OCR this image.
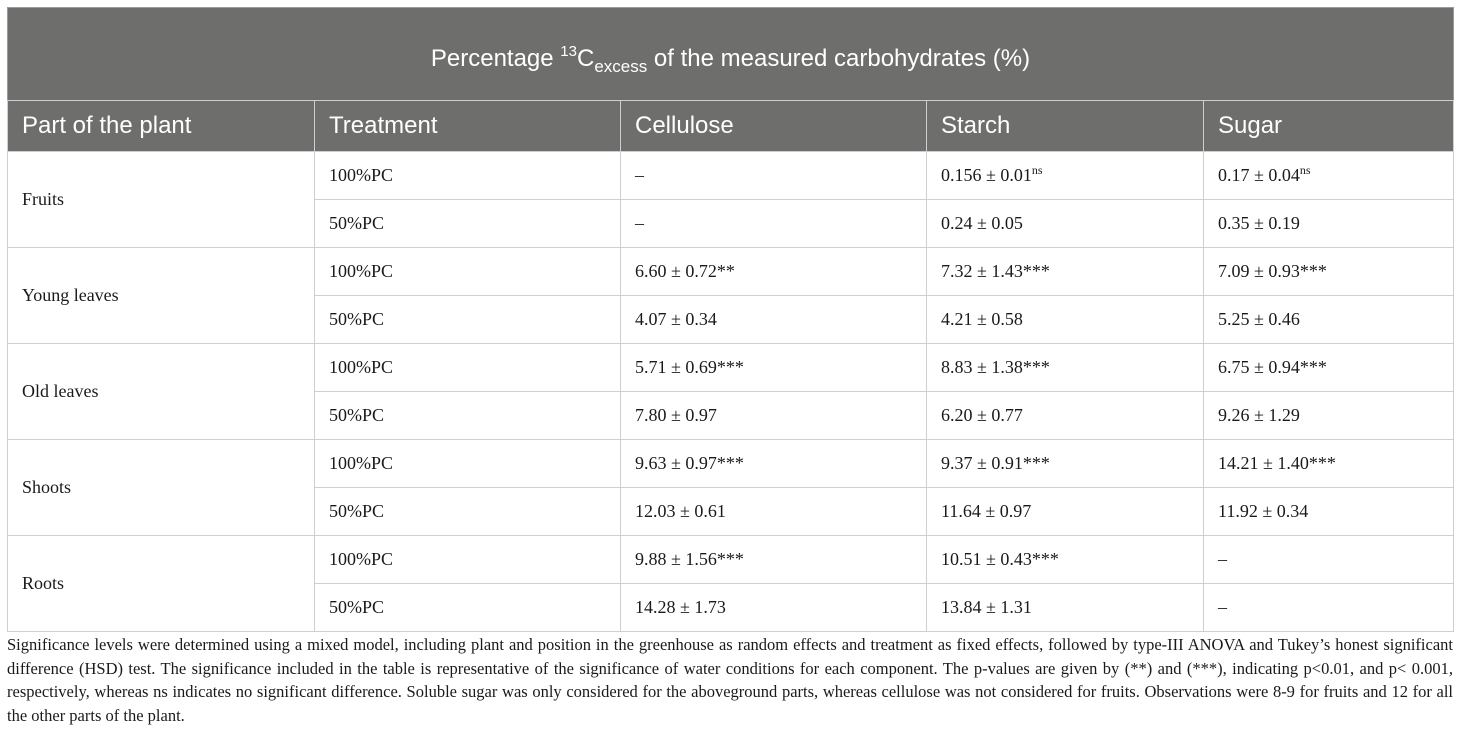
Percentage $^{13}C_{excess}$ of the measured carbohydrates (%)				
Part of the plant	Treatment	Cellulose	Starch	Sugar
Fruits	100%PC	–	$0.156 \pm 0.01^{ns}$	$0.17 \pm 0.04^{ns}$
	50%PC	–	0.24 ± 0.05	0.35 ± 0.19
Young leaves	100%PC	6.60 ± 0.72**	7.32 ± 1.43***	7.09 ± 0.93***
	50%PC	4.07 ± 0.34	4.21 ± 0.58	5.25 ± 0.46
Old leaves	100%PC	5.71 ± 0.69***	8.83 ± 1.38***	6.75 ± 0.94***
	50%PC	7.80 ± 0.97	6.20 ± 0.77	9.26 ± 1.29
Shoots	100%PC	9.63 ± 0.97***	9.37 ± 0.91***	14.21 ± 1.40***
	50%PC	12.03 ± 0.61	11.64 ± 0.97	11.92 ± 0.34
Roots	100%PC	9.88 ± 1.56***	10.51 ± 0.43***	–
	50%PC	14.28 ± 1.73	13.84 ± 1.31	–
Significance levels were determined using a mixed model, including plant and position in the greenhouse as random effects and treatment as fixed effects, followed by type-III ANOVA and Tukey’s honest significant difference (HSD) test. The significance included in the table is representative of the significance of water conditions for each component. The p-values are given by (**) and (***), indicating p<0.01, and p< 0.001, respectively, whereas ns indicates no significant difference. Soluble sugar was only considered for the aboveground parts, whereas cellulose was not considered for fruits. Observations were 8-9 for fruits and 12 for all the other parts of the plant.
